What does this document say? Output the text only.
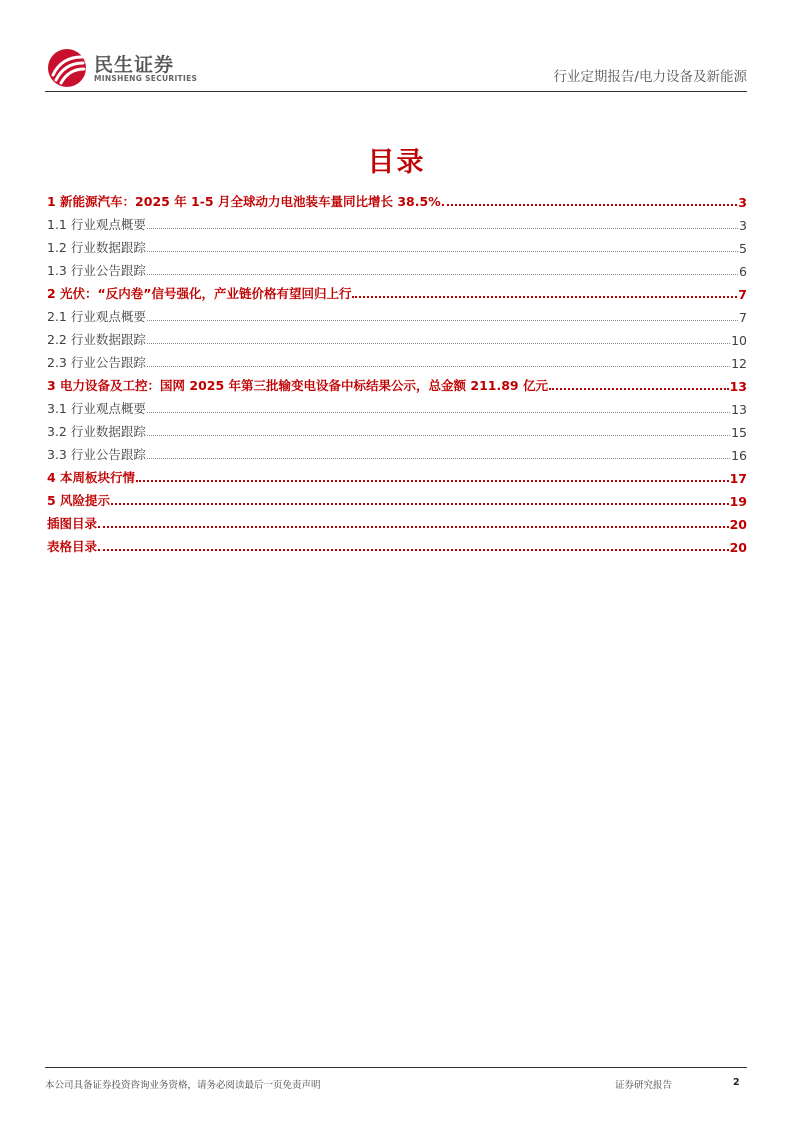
民生证券
MINSHENG SECURITIES	行业定期报告/电力设备及新能源
目录
1 新能源汽车：2025 年 1-5 月全球动力电池装车量同比增长 38.5%	3
1.1 行业观点概要	3
1.2 行业数据跟踪	5
1.3 行业公告跟踪	6
2 光伏：“反内卷”信号强化，产业链价格有望回归上行	7
2.1 行业观点概要	7
2.2 行业数据跟踪	10
2.3 行业公告跟踪	12
3 电力设备及工控：国网 2025 年第三批输变电设备中标结果公示，总金额 211.89 亿元	13
3.1 行业观点概要	13
3.2 行业数据跟踪	15
3.3 行业公告跟踪	16
4 本周板块行情	17
5 风险提示	19
插图目录	20
表格目录	20
本公司具备证券投资咨询业务资格，请务必阅读最后一页免责声明	证券研究报告	2
